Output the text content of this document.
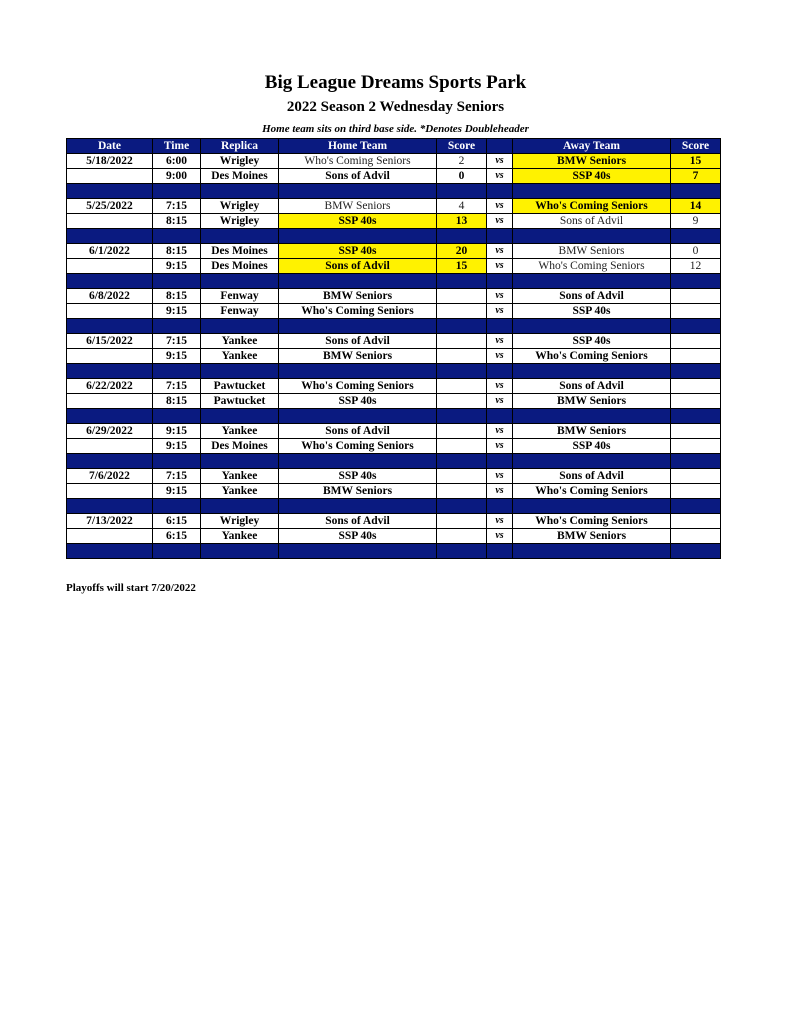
Big League Dreams Sports Park
2022 Season 2 Wednesday Seniors

Home team sits on third base side. *Denotes Doubleheader

Date	Time	Replica	Home Team	Score		Away Team	Score
5/18/2022	6:00	Wrigley	Who's Coming Seniors	2	vs	BMW Seniors	15
	9:00	Des Moines	Sons of Advil	0	vs	SSP 40s	7

5/25/2022	7:15	Wrigley	BMW Seniors	4	vs	Who's Coming Seniors	14
	8:15	Wrigley	SSP 40s	13	vs	Sons of Advil	9

6/1/2022	8:15	Des Moines	SSP 40s	20	vs	BMW Seniors	0
	9:15	Des Moines	Sons of Advil	15	vs	Who's Coming Seniors	12

6/8/2022	8:15	Fenway	BMW Seniors		vs	Sons of Advil	
	9:15	Fenway	Who's Coming Seniors		vs	SSP 40s	

6/15/2022	7:15	Yankee	Sons of Advil		vs	SSP 40s	
	9:15	Yankee	BMW Seniors		vs	Who's Coming Seniors	

6/22/2022	7:15	Pawtucket	Who's Coming Seniors		vs	Sons of Advil	
	8:15	Pawtucket	SSP 40s		vs	BMW Seniors	

6/29/2022	9:15	Yankee	Sons of Advil		vs	BMW Seniors	
	9:15	Des Moines	Who's Coming Seniors		vs	SSP 40s	

7/6/2022	7:15	Yankee	SSP 40s		vs	Sons of Advil	
	9:15	Yankee	BMW Seniors		vs	Who's Coming Seniors	

7/13/2022	6:15	Wrigley	Sons of Advil		vs	Who's Coming Seniors	
	6:15	Yankee	SSP 40s		vs	BMW Seniors	

Playoffs will start 7/20/2022
